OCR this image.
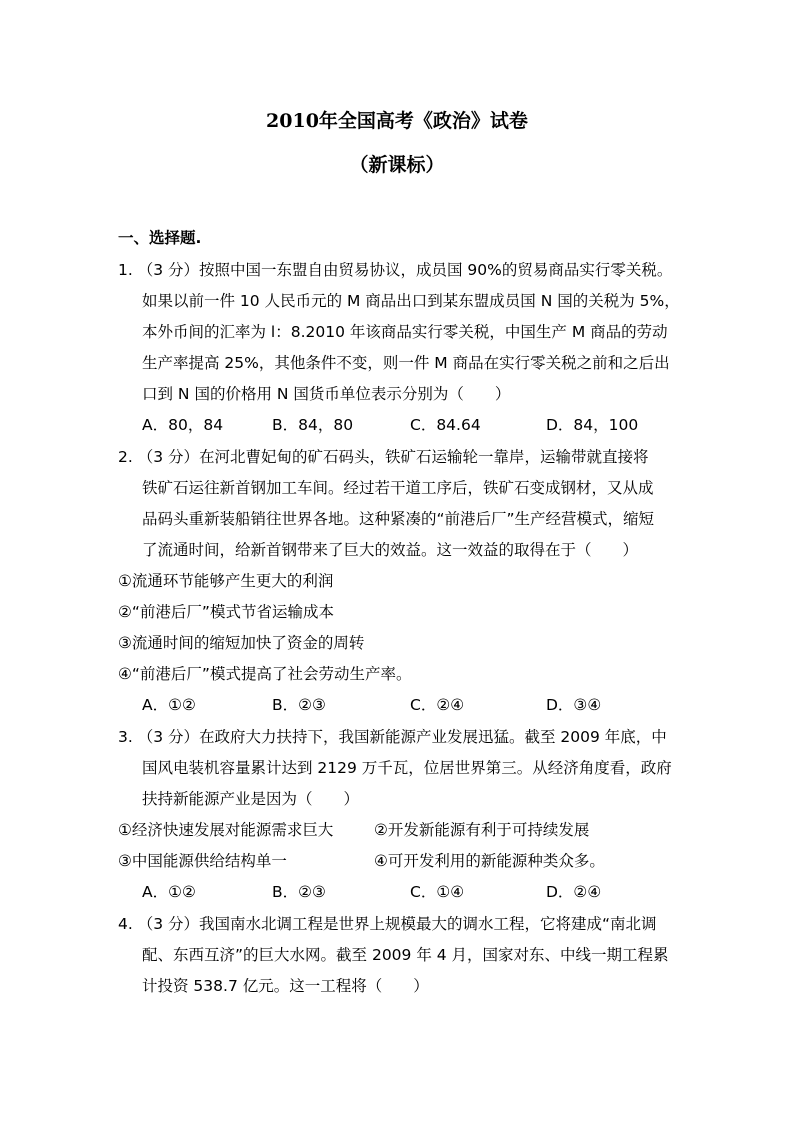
2010年全国高考《政治》试卷
（新课标）
一、选择题.
1. （3 分）按照中国一东盟自由贸易协议，成员国 90%的贸易商品实行零关税。
如果以前一件 10 人民币元的 M 商品出口到某东盟成员国 N 国的关税为 5%，
本外币间的汇率为 l：8.2010 年该商品实行零关税，中国生产 M 商品的劳动
生产率提高 25%，其他条件不变，则一件 M 商品在实行零关税之前和之后出
口到 N 国的价格用 N 国货币单位表示分别为（　　）
A．80，84	B．84，80	C．84.64	D．84，100
2. （3 分）在河北曹妃甸的矿石码头，铁矿石运输轮一靠岸，运输带就直接将
铁矿石运往新首钢加工车间。经过若干道工序后，铁矿石变成钢材，又从成
品码头重新装船销往世界各地。这种紧凑的“前港后厂”生产经营模式，缩短
了流通时间，给新首钢带来了巨大的效益。这一效益的取得在于（　　）
①流通环节能够产生更大的利润
②“前港后厂”模式节省运输成本
③流通时间的缩短加快了资金的周转
④“前港后厂”模式提高了社会劳动生产率。
A．①②	B．②③	C．②④	D．③④
3. （3 分）在政府大力扶持下，我国新能源产业发展迅猛。截至 2009 年底，中
国风电装机容量累计达到 2129 万千瓦，位居世界第三。从经济角度看，政府
扶持新能源产业是因为（　　）
①经济快速发展对能源需求巨大	②开发新能源有利于可持续发展
③中国能源供给结构单一	④可开发利用的新能源种类众多。
A．①②	B．②③	C．①④	D．②④
4. （3 分）我国南水北调工程是世界上规模最大的调水工程，它将建成“南北调
配、东西互济”的巨大水网。截至 2009 年 4 月，国家对东、中线一期工程累
计投资 538.7 亿元。这一工程将（　　）
